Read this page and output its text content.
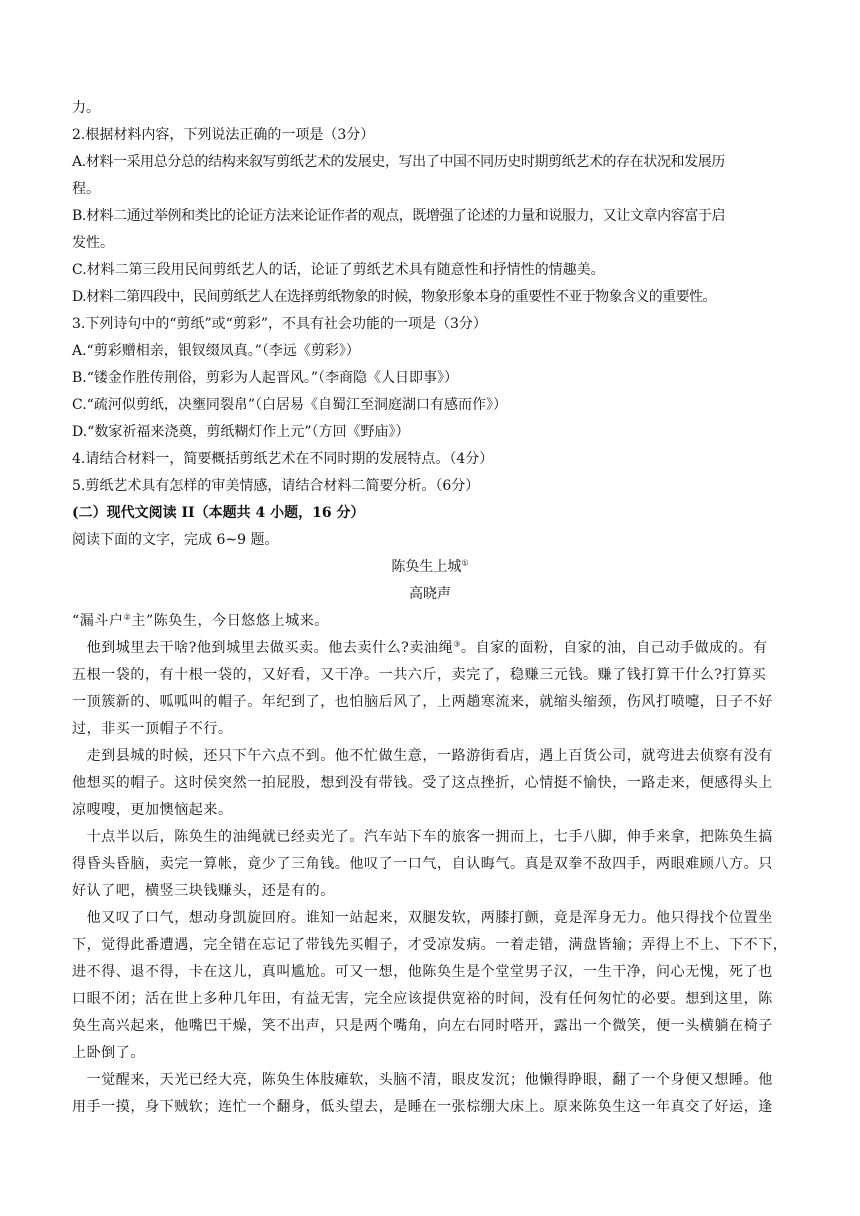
力。
2.根据材料内容，下列说法正确的一项是（3分）
A.材料一采用总分总的结构来叙写剪纸艺术的发展史，写出了中国不同历史时期剪纸艺术的存在状况和发展历
程。
B.材料二通过举例和类比的论证方法来论证作者的观点，既增强了论述的力量和说服力，又让文章内容富于启
发性。
C.材料二第三段用民间剪纸艺人的话，论证了剪纸艺术具有随意性和抒情性的情趣美。
D.材料二第四段中，民间剪纸艺人在选择剪纸物象的时候，物象形象本身的重要性不亚于物象含义的重要性。
3.下列诗句中的“剪纸”或“剪彩”，不具有社会功能的一项是（3分）
A.“剪彩赠相亲，银钗缀凤真。”（李远《剪彩》）
B.“镂金作胜传荆俗，剪彩为人起晋风。”（李商隐《人日即事》）
C.“疏河似剪纸，决壅同裂帛”（白居易《自蜀江至洞庭湖口有感而作》）
D.“数家祈福来浇奠，剪纸糊灯作上元”（方回《野庙》）
4.请结合材料一，简要概括剪纸艺术在不同时期的发展特点。（4分）
5.剪纸艺术具有怎样的审美情感，请结合材料二简要分析。（6分）
(二）现代文阅读 II（本题共 4 小题，16 分）
阅读下面的文字，完成 6~9 题。
陈奂生上城①
高晓声
“漏斗户②主”陈奂生，今日悠悠上城来。
　他到城里去干啥?他到城里去做买卖。他去卖什么?卖油绳③。自家的面粉，自家的油，自己动手做成的。有
五根一袋的，有十根一袋的，又好看，又干净。一共六斤，卖完了，稳赚三元钱。赚了钱打算干什么?打算买
一顶簇新的、呱呱叫的帽子。年纪到了，也怕脑后风了，上两趟寒流来，就缩头缩颈，伤风打喷嚏，日子不好
过，非买一顶帽子不行。
　走到县城的时候，还只下午六点不到。他不忙做生意，一路游街看店，遇上百货公司，就弯进去侦察有没有
他想买的帽子。这时侯突然一拍屁股，想到没有带钱。受了这点挫折，心情挺不愉快，一路走来，便感得头上
凉嗖嗖，更加懊恼起来。
　十点半以后，陈奂生的油绳就已经卖光了。汽车站下车的旅客一拥而上，七手八脚，伸手来拿，把陈奂生搞
得昏头昏脑，卖完一算帐，竟少了三角钱。他叹了一口气，自认晦气。真是双拳不敌四手，两眼难顾八方。只
好认了吧，横竖三块钱赚头，还是有的。
　他又叹了口气，想动身凯旋回府。谁知一站起来，双腿发软，两膝打颤，竟是浑身无力。他只得找个位置坐
下，觉得此番遭遇，完全错在忘记了带钱先买帽子，才受凉发病。一着走错，满盘皆输；弄得上不上、下不下，
进不得、退不得，卡在这儿，真叫尴尬。可又一想，他陈奂生是个堂堂男子汉，一生干净，问心无愧，死了也
口眼不闭；活在世上多种几年田，有益无害，完全应该提供宽裕的时间，没有任何匆忙的必要。想到这里，陈
奂生高兴起来，他嘴巴干燥，笑不出声，只是两个嘴角，向左右同时嗒开，露出一个微笑，便一头横躺在椅子
上卧倒了。
　一觉醒来，天光已经大亮，陈奂生体肢瘫软，头脑不清，眼皮发沉；他懒得睁眼，翻了一个身便又想睡。他
用手一摸，身下贼软；连忙一个翻身，低头望去，是睡在一张棕绷大床上。原来陈奂生这一年真交了好运，逢
